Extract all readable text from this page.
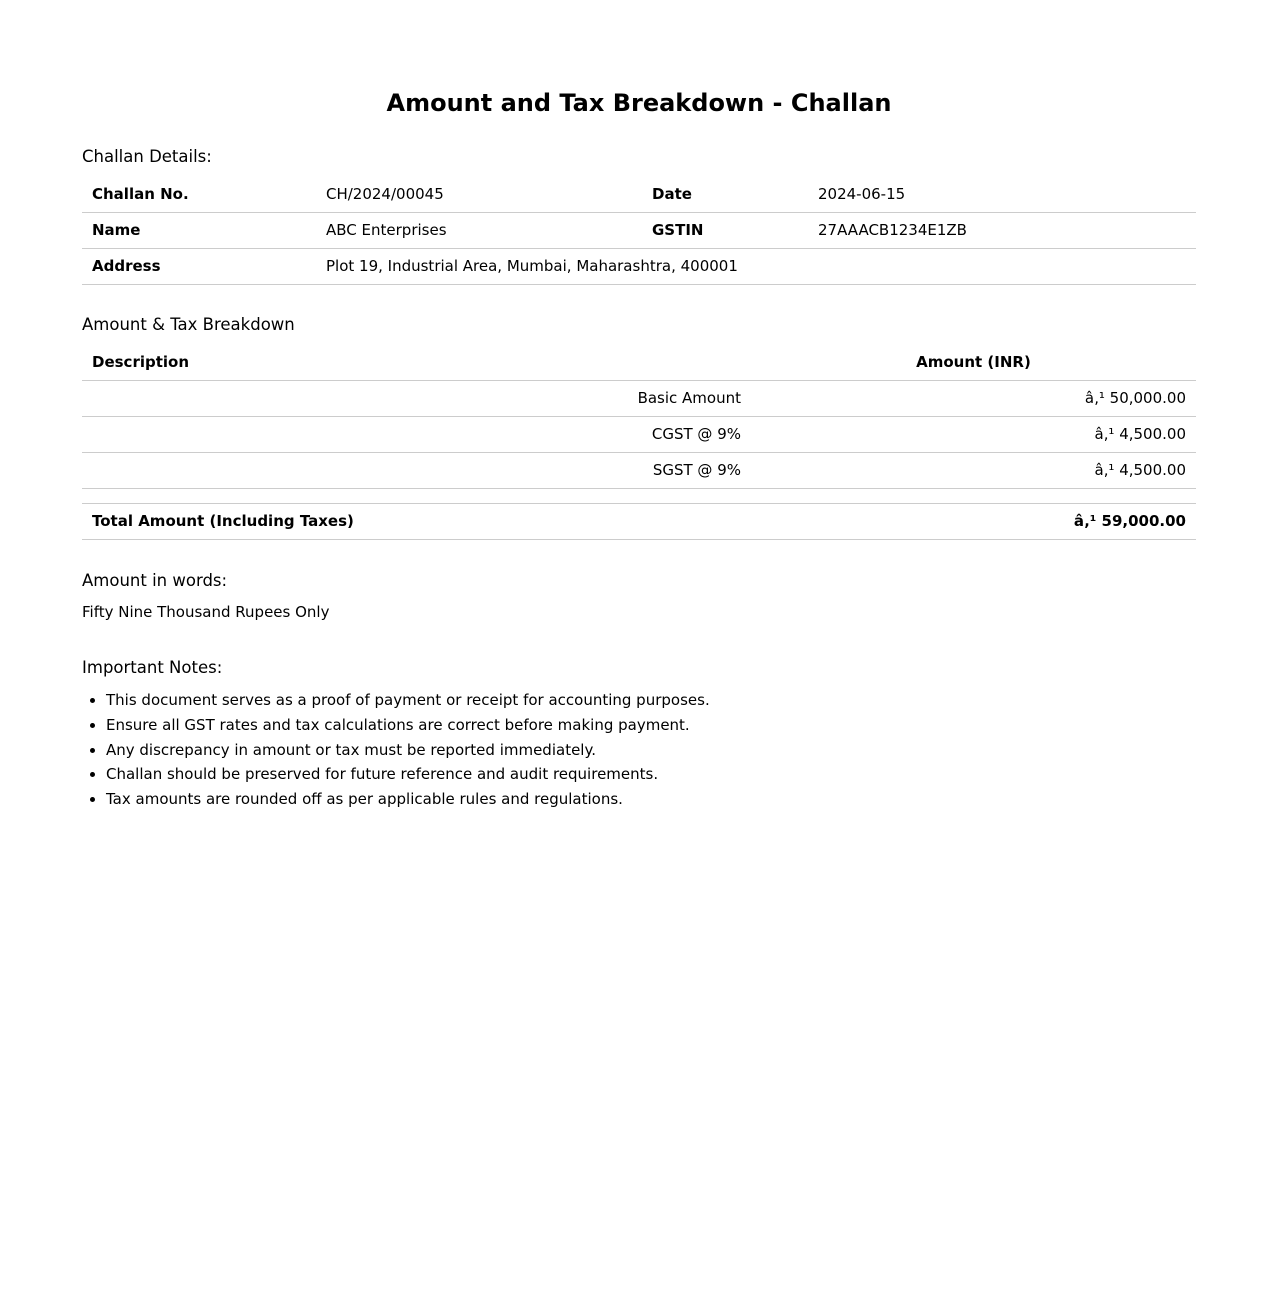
Amount and Tax Breakdown - Challan
Challan Details:
Challan No.	CH/2024/00045	Date	2024-06-15
Name	ABC Enterprises	GSTIN	27AAACB1234E1ZB
Address	Plot 19, Industrial Area, Mumbai, Maharashtra, 400001		
Amount & Tax Breakdown
Description	Amount (INR)
Basic Amount	â‚¹ 50,000.00
CGST @ 9%	â‚¹ 4,500.00
SGST @ 9%	â‚¹ 4,500.00

Total Amount (Including Taxes)	â‚¹ 59,000.00
Amount in words:

Fifty Nine Thousand Rupees Only

Important Notes:
• This document serves as a proof of payment or receipt for accounting purposes.
• Ensure all GST rates and tax calculations are correct before making payment.
• Any discrepancy in amount or tax must be reported immediately.
• Challan should be preserved for future reference and audit requirements.
• Tax amounts are rounded off as per applicable rules and regulations.
